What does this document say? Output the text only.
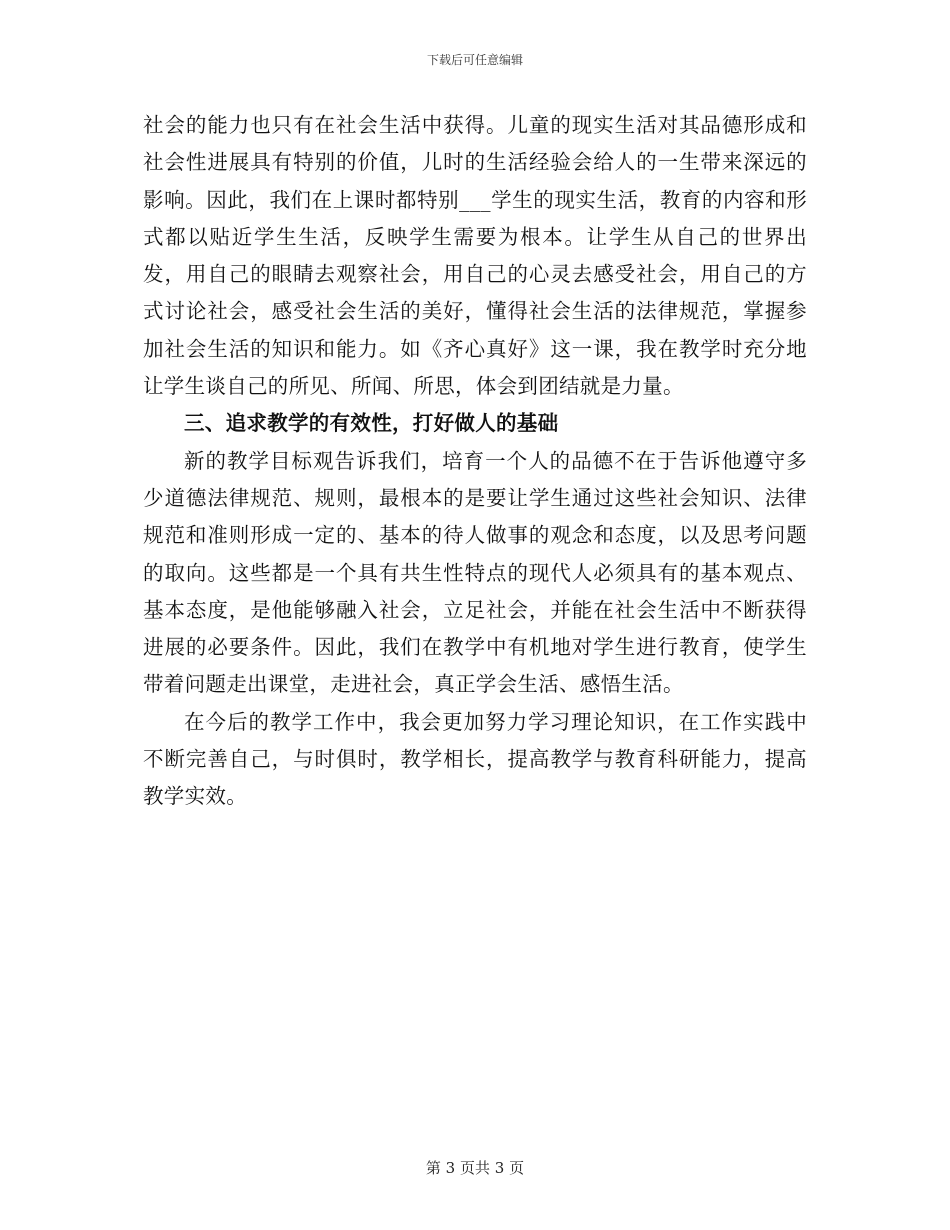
下载后可任意编辑

社会的能力也只有在社会生活中获得。儿童的现实生活对其品德形成和社会性进展具有特别的价值，儿时的生活经验会给人的一生带来深远的影响。因此，我们在上课时都特别___学生的现实生活，教育的内容和形式都以贴近学生生活，反映学生需要为根本。让学生从自己的世界出发，用自己的眼睛去观察社会，用自己的心灵去感受社会，用自己的方式讨论社会，感受社会生活的美好，懂得社会生活的法律规范，掌握参加社会生活的知识和能力。如《齐心真好》这一课，我在教学时充分地让学生谈自己的所见、所闻、所思，体会到团结就是力量。

三、追求教学的有效性，打好做人的基础

新的教学目标观告诉我们，培育一个人的品德不在于告诉他遵守多少道德法律规范、规则，最根本的是要让学生通过这些社会知识、法律规范和准则形成一定的、基本的待人做事的观念和态度，以及思考问题的取向。这些都是一个具有共生性特点的现代人必须具有的基本观点、基本态度，是他能够融入社会，立足社会，并能在社会生活中不断获得进展的必要条件。因此，我们在教学中有机地对学生进行教育，使学生带着问题走出课堂，走进社会，真正学会生活、感悟生活。

在今后的教学工作中，我会更加努力学习理论知识，在工作实践中不断完善自己，与时俱时，教学相长，提高教学与教育科研能力，提高教学实效。

第 3 页共 3 页
